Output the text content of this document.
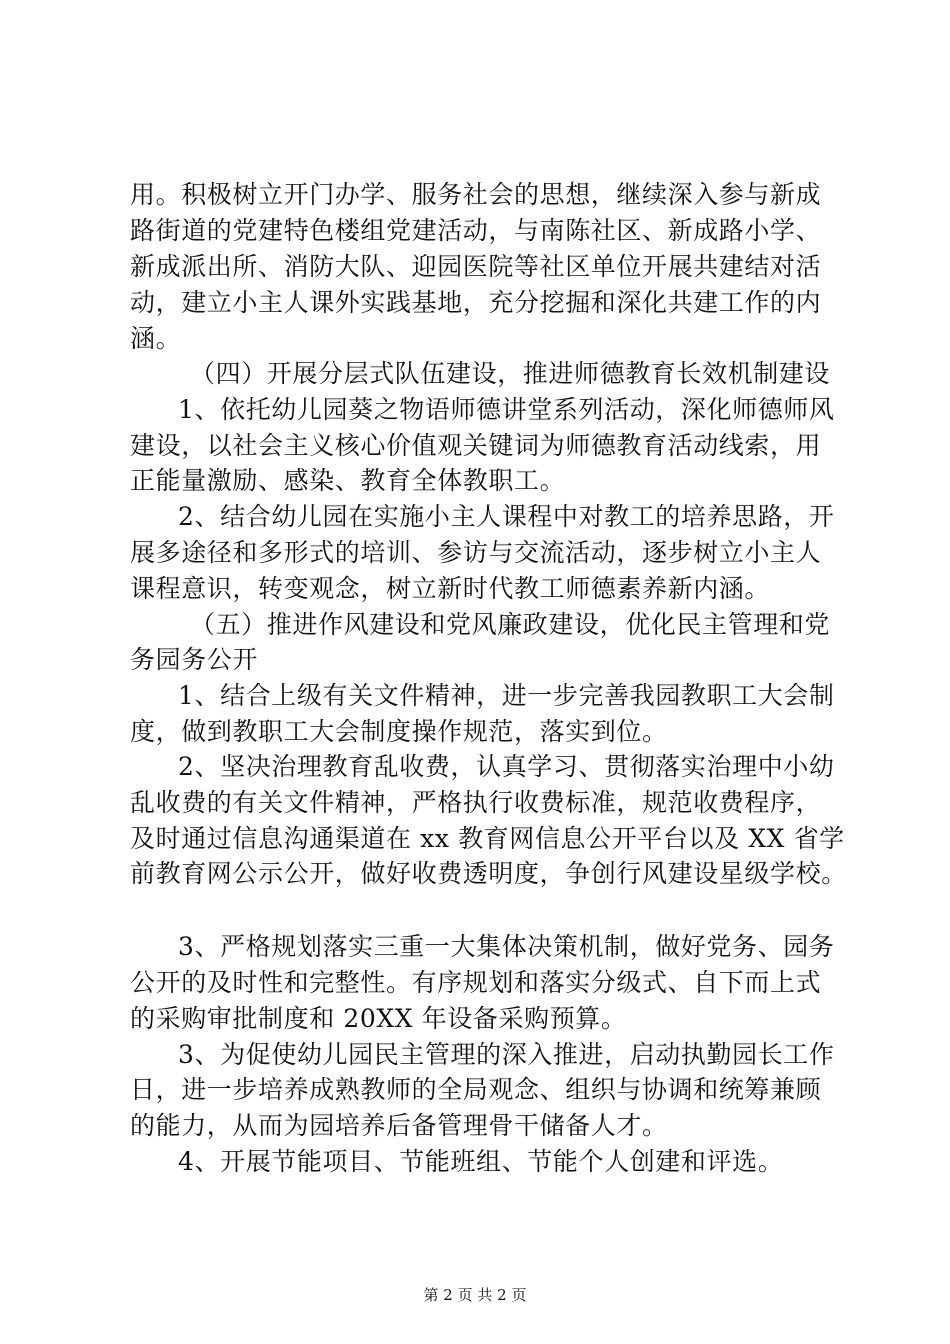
用。积极树立开门办学、服务社会的思想，继续深入参与新成
路街道的党建特色楼组党建活动，与南陈社区、新成路小学、
新成派出所、消防大队、迎园医院等社区单位开展共建结对活
动，建立小主人课外实践基地，充分挖掘和深化共建工作的内
涵。
（四）开展分层式队伍建设，推进师德教育长效机制建设
1、依托幼儿园葵之物语师德讲堂系列活动，深化师德师风
建设，以社会主义核心价值观关键词为师德教育活动线索，用
正能量激励、感染、教育全体教职工。
2、结合幼儿园在实施小主人课程中对教工的培养思路，开
展多途径和多形式的培训、参访与交流活动，逐步树立小主人
课程意识，转变观念，树立新时代教工师德素养新内涵。
（五）推进作风建设和党风廉政建设，优化民主管理和党
务园务公开
1、结合上级有关文件精神，进一步完善我园教职工大会制
度，做到教职工大会制度操作规范，落实到位。
2、坚决治理教育乱收费，认真学习、贯彻落实治理中小幼
乱收费的有关文件精神，严格执行收费标准，规范收费程序，
及时通过信息沟通渠道在 xx 教育网信息公开平台以及 XX 省学
前教育网公示公开，做好收费透明度，争创行风建设星级学校。
3、严格规划落实三重一大集体决策机制，做好党务、园务
公开的及时性和完整性。有序规划和落实分级式、自下而上式
的采购审批制度和 20XX 年设备采购预算。
3、为促使幼儿园民主管理的深入推进，启动执勤园长工作
日，进一步培养成熟教师的全局观念、组织与协调和统筹兼顾
的能力，从而为园培养后备管理骨干储备人才。
4、开展节能项目、节能班组、节能个人创建和评选。
第 2 页 共 2 页
